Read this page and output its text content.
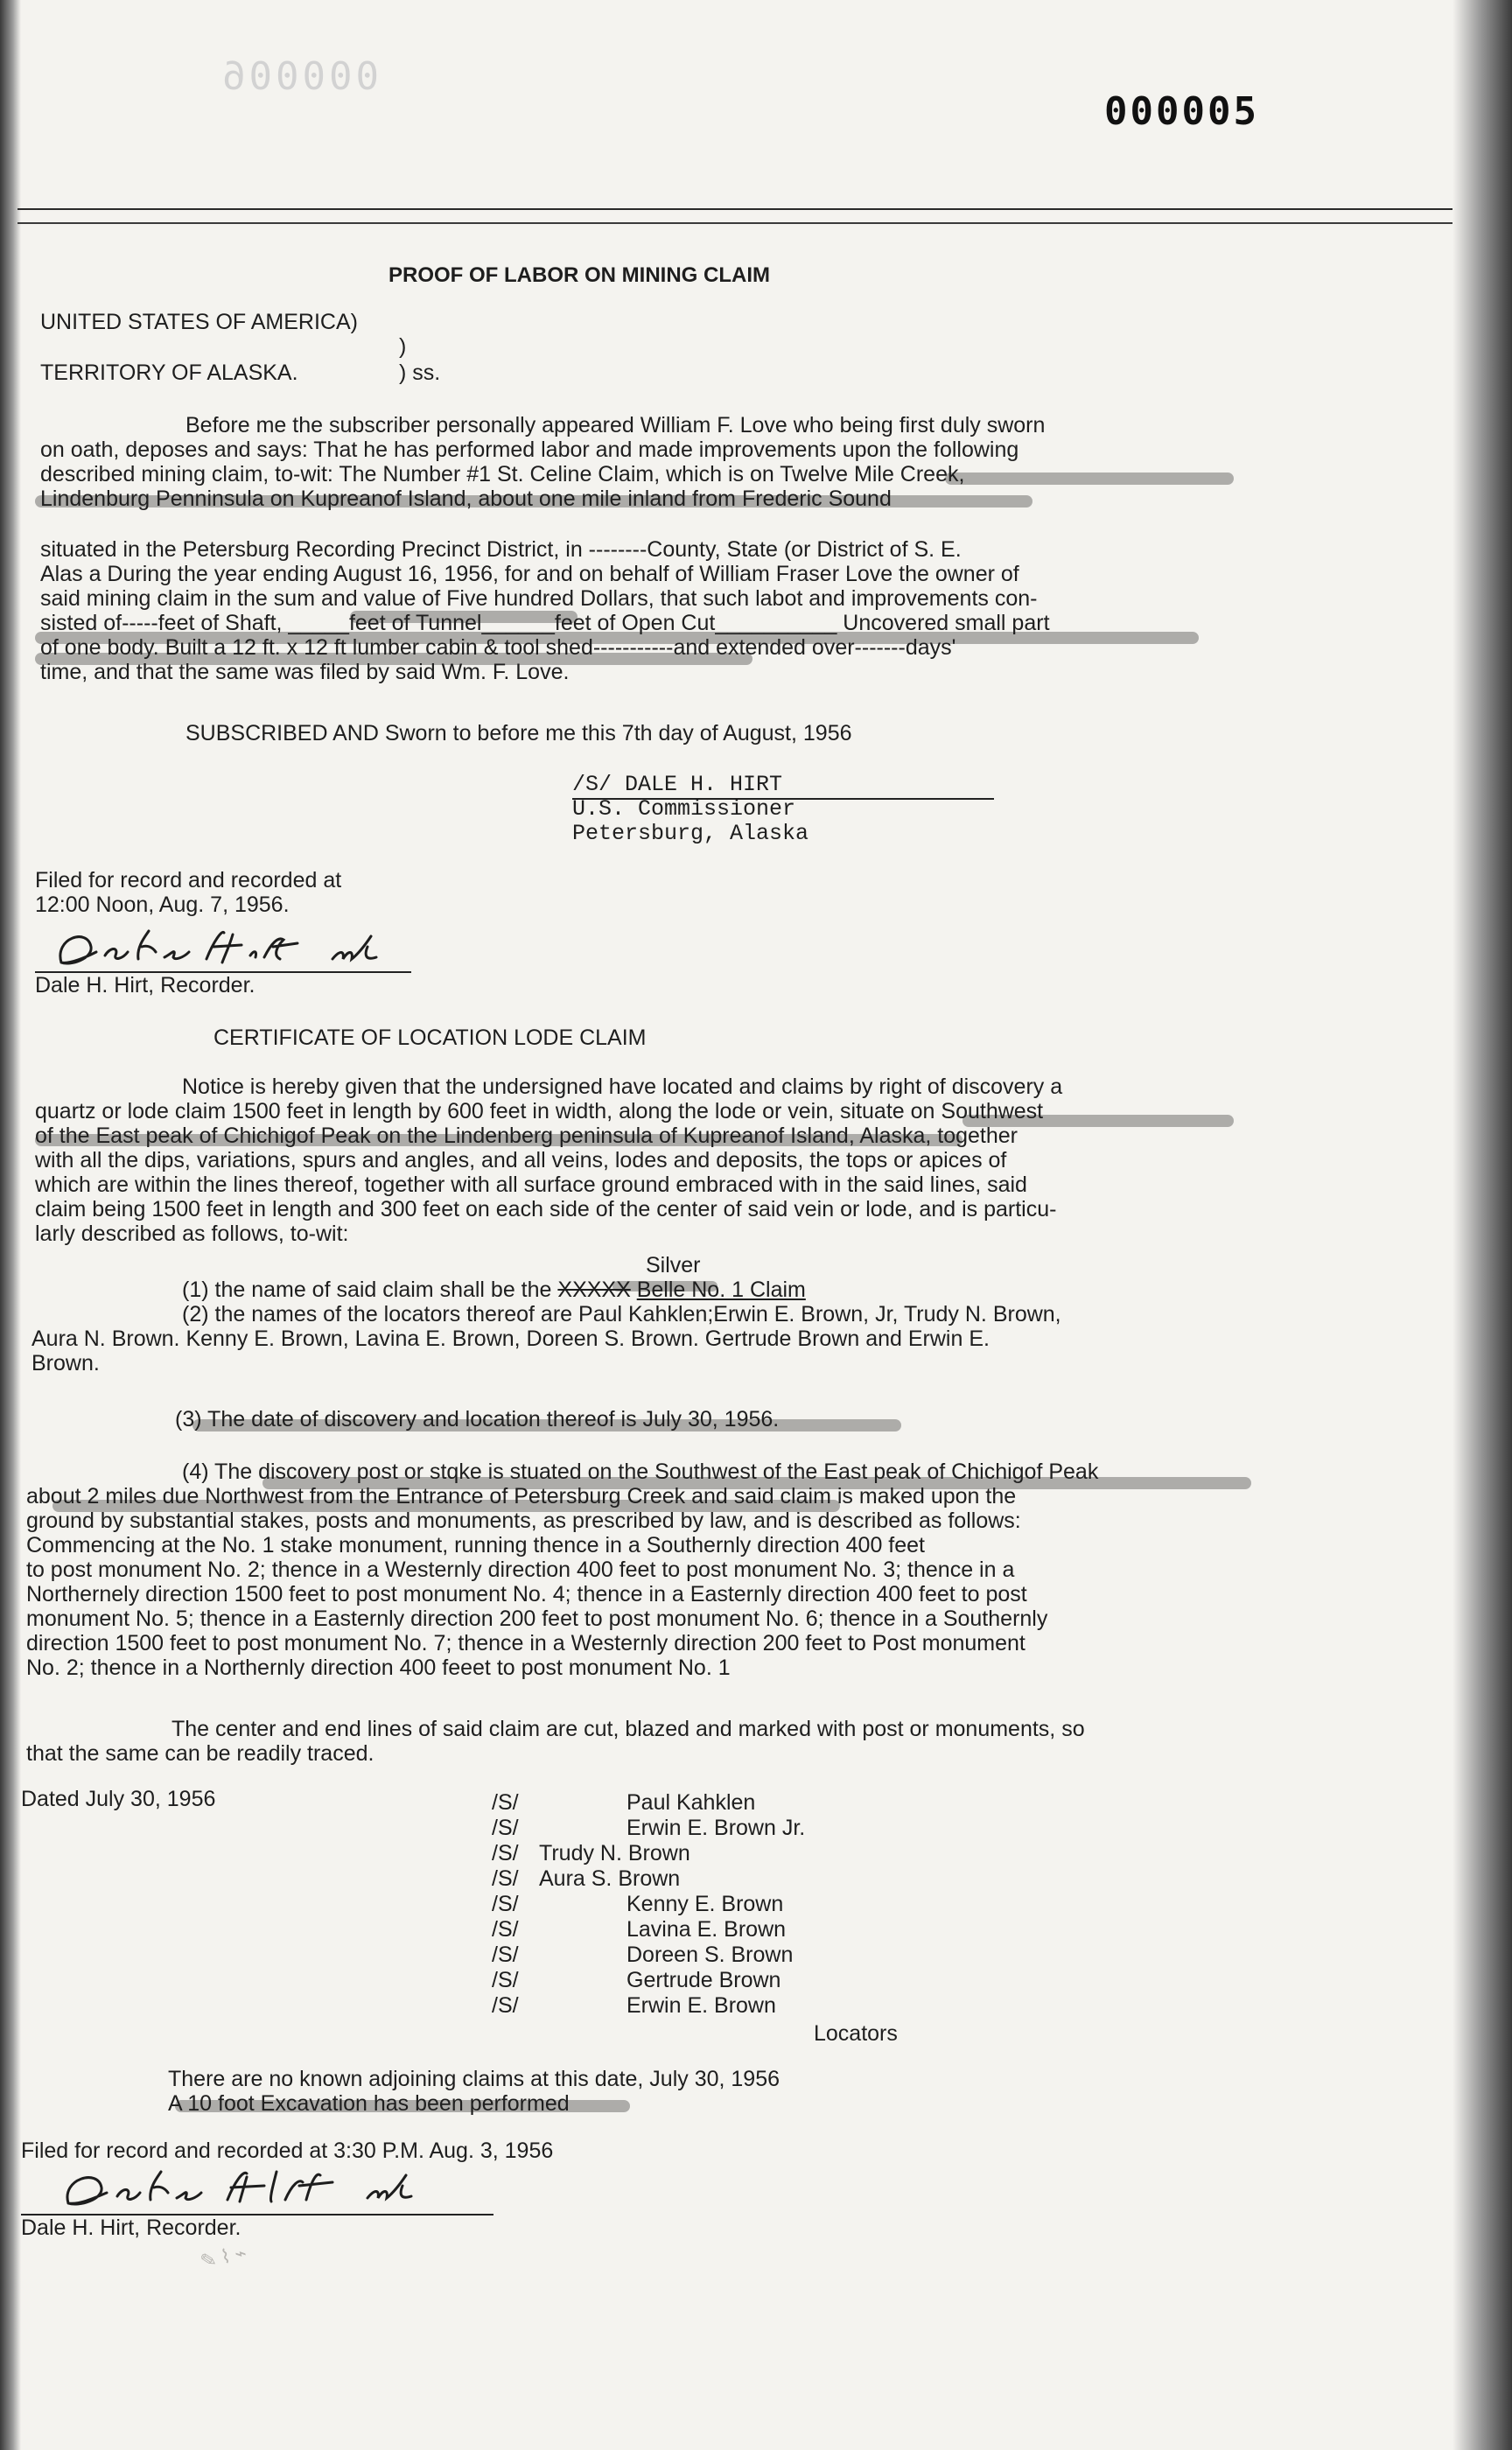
000006
000005
PROOF OF LABOR ON MINING CLAIM
UNITED STATES OF AMERICA)
)
TERRITORY OF ALASKA.	) ss.
Before me the subscriber personally appeared William F. Love who being first duly sworn
on oath, deposes and says: That he has performed labor and made improvements upon the following
described mining claim, to-wit: The Number #1 St. Celine Claim, which is on Twelve Mile Creek,
Lindenburg Penninsula on Kupreanof Island, about one mile inland from Frederic Sound
situated in the Petersburg Recording Precinct District, in --------County, State (or District of S. E.
Alas a During the year ending August 16, 1956, for and on behalf of William Fraser Love the owner of
said mining claim in the sum and value of Five hundred Dollars, that such labot and improvements con-
sisted of-----feet of Shaft, _____feet of Tunnel______feet of Open Cut__________ Uncovered small part
of one body. Built a 12 ft. x 12 ft lumber cabin & tool shed-----------and extended over-------days'
time, and that the same was filed by said Wm. F. Love.
SUBSCRIBED AND Sworn to before me this 7th day of August, 1956
/S/ DALE H. HIRT
U.S. Commissioner
Petersburg, Alaska
Filed for record and recorded at
12:00 Noon, Aug. 7, 1956.
Dale H. Hirt md
Dale H. Hirt, Recorder.
CERTIFICATE OF LOCATION LODE CLAIM
Notice is hereby given that the undersigned have located and claims by right of discovery a
quartz or lode claim 1500 feet in length by 600 feet in width, along the lode or vein, situate on Southwest
of the East peak of Chichigof Peak on the Lindenberg peninsula of Kupreanof Island, Alaska, together
with all the dips, variations, spurs and angles, and all veins, lodes and deposits, the tops or apices of
which are within the lines thereof, together with all surface ground embraced with in the said lines, said
claim being 1500 feet in length and 300 feet on each side of the center of said vein or lode, and is particu-
larly described as follows, to-wit:
Silver
(1) the name of said claim shall be the XXXXX Belle No. 1 Claim
(2) the names of the locators thereof are Paul Kahklen;Erwin E. Brown, Jr, Trudy N. Brown,
Aura N. Brown. Kenny E. Brown, Lavina E. Brown, Doreen S. Brown. Gertrude Brown and Erwin E.
Brown.
(3) The date of discovery and location thereof is July 30, 1956.
(4) The discovery post or stqke is stuated on the Southwest of the East peak of Chichigof Peak
about 2 miles due Northwest from the Entrance of Petersburg Creek and said claim is maked upon the
ground by substantial stakes, posts and monuments, as prescribed by law, and is described as follows:
Commencing at the No. 1 stake monument, running thence in a Southernly direction 400 feet
to post monument No. 2; thence in a Westernly direction 400 feet to post monument No. 3; thence in a
Northernely direction 1500 feet to post monument No. 4; thence in a Easternly direction 400 feet to post
monument No. 5; thence in a Easternly direction 200 feet to post monument No. 6; thence in a Southernly
direction 1500 feet to post monument No. 7; thence in a Westernly direction 200 feet to Post monument
No. 2; thence in a Northernly direction 400 feeet to post monument No. 1
The center and end lines of said claim are cut, blazed and marked with post or monuments, so
that the same can be readily traced.
Dated July 30, 1956	/S/	Paul Kahklen
/S/	Erwin E. Brown Jr.
/S/ Trudy N. Brown
/S/ Aura S. Brown
/S/	Kenny E. Brown
/S/	Lavina E. Brown
/S/	Doreen S. Brown
/S/	Gertrude Brown
/S/	Erwin E. Brown
Locators
There are no known adjoining claims at this date, July 30, 1956
A 10 foot Excavation has been performed
Filed for record and recorded at 3:30 P.M. Aug. 3, 1956
Dale H. Hirt md
Dale H. Hirt, Recorder.
✎ ⌇ ⌁
